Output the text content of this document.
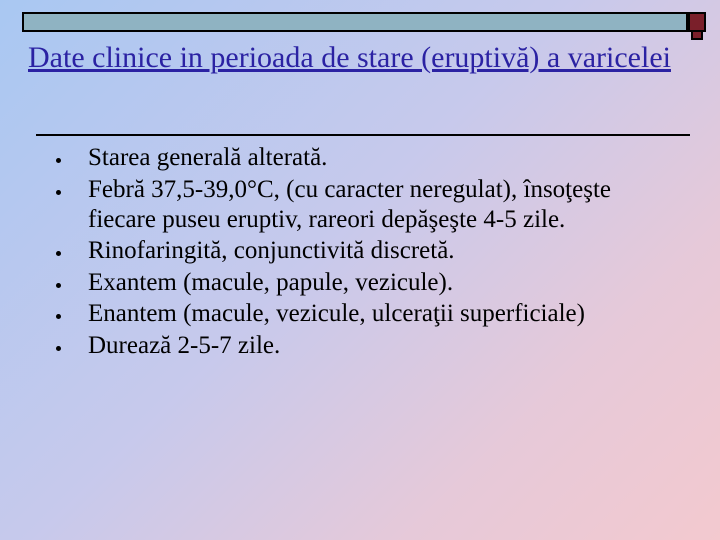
Date clinice in perioada de stare (eruptivă) a varicelei
Starea generală alterată.
Febră 37,5-39,0°C, (cu caracter neregulat), însoţeşte fiecare puseu eruptiv, rareori depăşeşte 4-5 zile.
Rinofaringită, conjunctivită discretă.
Exantem (macule, papule, vezicule).
Enantem (macule, vezicule, ulceraţii superficiale)
Durează 2-5-7 zile.
